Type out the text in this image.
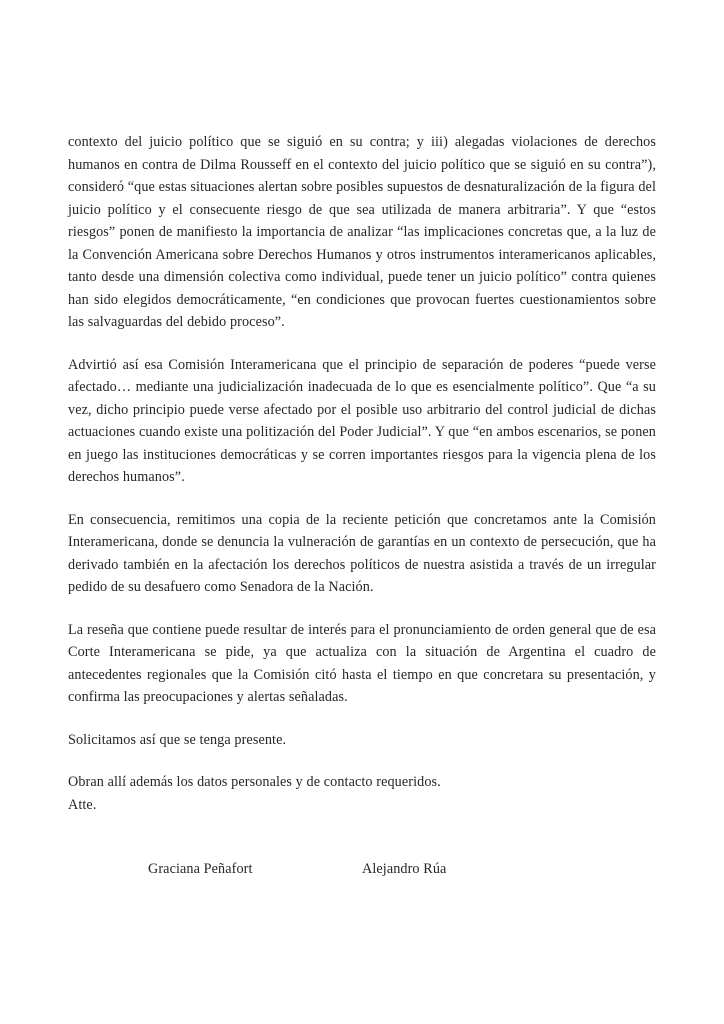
contexto del juicio político que se siguió en su contra; y iii) alegadas violaciones de derechos humanos en contra de Dilma Rousseff en el contexto del juicio político que se siguió en su contra”), consideró “que estas situaciones alertan sobre posibles supuestos de desnaturalización de la figura del juicio político y el consecuente riesgo de que sea utilizada de manera arbitraria”. Y que “estos riesgos” ponen de manifiesto la importancia de analizar “las implicaciones concretas que, a la luz de la Convención Americana sobre Derechos Humanos y otros instrumentos interamericanos aplicables, tanto desde una dimensión colectiva como individual, puede tener un juicio político” contra quienes han sido elegidos democráticamente, “en condiciones que provocan fuertes cuestionamientos sobre las salvaguardas del debido proceso”.

Advirtió así esa Comisión Interamericana que el principio de separación de poderes “puede verse afectado… mediante una judicialización inadecuada de lo que es esencialmente político”. Que “a su vez, dicho principio puede verse afectado por el posible uso arbitrario del control judicial de dichas actuaciones cuando existe una politización del Poder Judicial”. Y que “en ambos escenarios, se ponen en juego las instituciones democráticas y se corren importantes riesgos para la vigencia plena de los derechos humanos”.

En consecuencia, remitimos una copia de la reciente petición que concretamos ante la Comisión Interamericana, donde se denuncia la vulneración de garantías en un contexto de persecución, que ha derivado también en la afectación los derechos políticos de nuestra asistida a través de un irregular pedido de su desafuero como Senadora de la Nación.

La reseña que contiene puede resultar de interés para el pronunciamiento de orden general que de esa Corte Interamericana se pide, ya que actualiza con la situación de Argentina el cuadro de antecedentes regionales que la Comisión citó hasta el tiempo en que concretara su presentación, y confirma las preocupaciones y alertas señaladas.

Solicitamos así que se tenga presente.

Obran allí además los datos personales y de contacto requeridos.

Atte.

Graciana Peñafort	Alejandro Rúa
